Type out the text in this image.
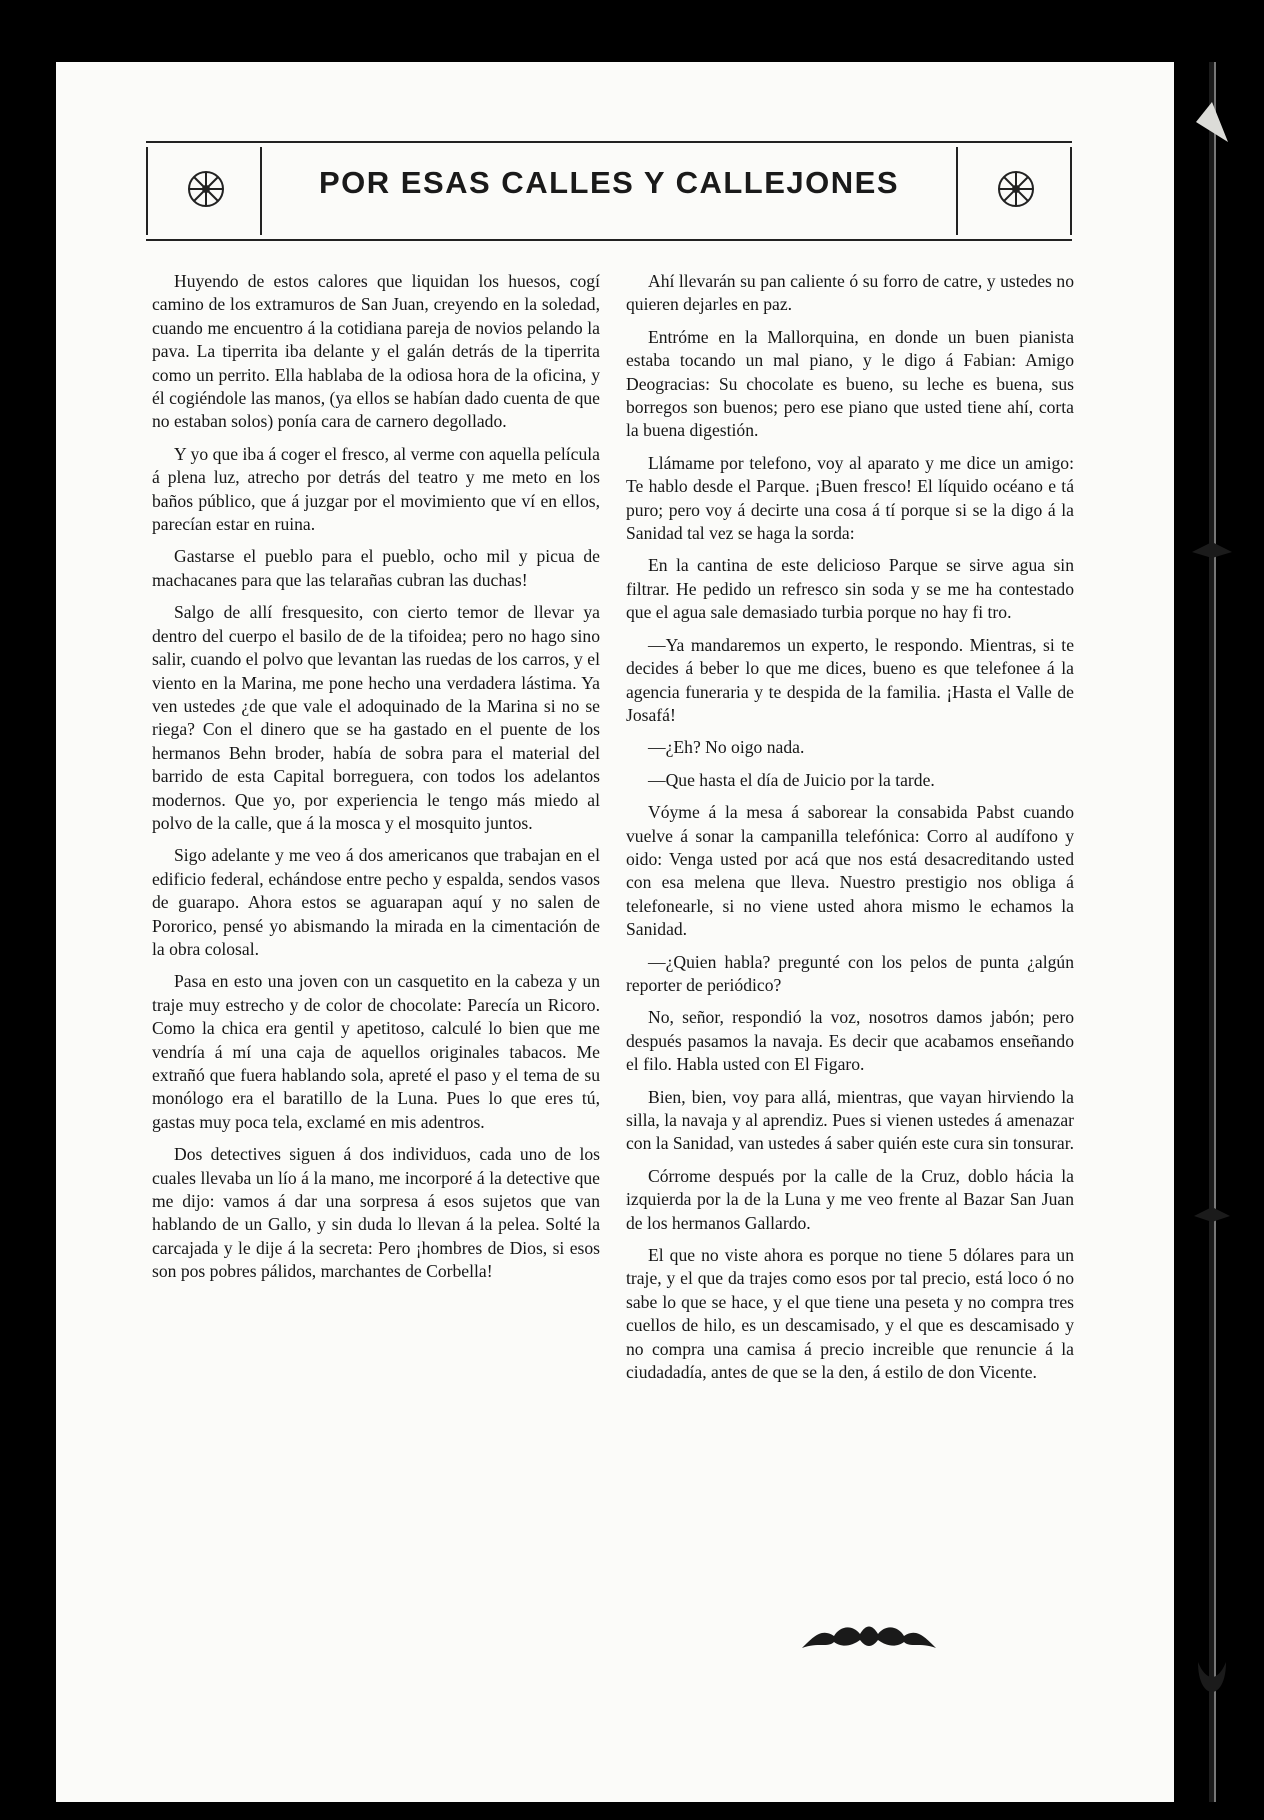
POR ESAS CALLES Y CALLEJONES

Huyendo de estos calores que liquidan los huesos, cogí camino de los extramuros de San Juan, creyendo en la soledad, cuando me encuentro á la cotidiana pareja de novios pelando la pava. La tiperrita iba delante y el galán detrás de la tiperrita como un perrito. Ella hablaba de la odiosa hora de la oficina, y él cogiéndole las manos, (ya ellos se habían dado cuenta de que no estaban solos) ponía cara de carnero degollado.

Y yo que iba á coger el fresco, al verme con aquella película á plena luz, atrecho por detrás del teatro y me meto en los baños público, que á juzgar por el movimiento que ví en ellos, parecían estar en ruina.

Gastarse el pueblo para el pueblo, ocho mil y picua de machacanes para que las telarañas cubran las duchas!

Salgo de allí fresquesito, con cierto temor de llevar ya dentro del cuerpo el basilo de de la tifoidea; pero no hago sino salir, cuando el polvo que levantan las ruedas de los carros, y el viento en la Marina, me pone hecho una verdadera lástima. Ya ven ustedes ¿de que vale el adoquinado de la Marina si no se riega? Con el dinero que se ha gastado en el puente de los hermanos Behn broder, había de sobra para el material del barrido de esta Capital borreguera, con todos los adelantos modernos. Que yo, por experiencia le tengo más miedo al polvo de la calle, que á la mosca y el mosquito juntos.

Sigo adelante y me veo á dos americanos que trabajan en el edificio federal, echándose entre pecho y espalda, sendos vasos de guarapo. Ahora estos se aguarapan aquí y no salen de Pororico, pensé yo abismando la mirada en la cimentación de la obra colosal.

Pasa en esto una joven con un casquetito en la cabeza y un traje muy estrecho y de color de chocolate: Parecía un Ricoro. Como la chica era gentil y apetitoso, calculé lo bien que me vendría á mí una caja de aquellos originales tabacos. Me extrañó que fuera hablando sola, apreté el paso y el tema de su monólogo era el baratillo de la Luna. Pues lo que eres tú, gastas muy poca tela, exclamé en mis adentros.

Dos detectives siguen á dos individuos, cada uno de los cuales llevaba un lío á la mano, me incorporé á la detective que me dijo: vamos á dar una sorpresa á esos sujetos que van hablando de un Gallo, y sin duda lo llevan á la pelea. Solté la carcajada y le dije á la secreta: Pero ¡hombres de Dios, si esos son pos pobres pálidos, marchantes de Corbella!

Ahí llevarán su pan caliente ó su forro de catre, y ustedes no quieren dejarles en paz.

Entróme en la Mallorquina, en donde un buen pianista estaba tocando un mal piano, y le digo á Fabian: Amigo Deogracias: Su chocolate es bueno, su leche es buena, sus borregos son buenos; pero ese piano que usted tiene ahí, corta la buena digestión.

Llámame por telefono, voy al aparato y me dice un amigo: Te hablo desde el Parque. ¡Buen fresco! El líquido océano e tá puro; pero voy á decirte una cosa á tí porque si se la digo á la Sanidad tal vez se haga la sorda:

En la cantina de este delicioso Parque se sirve agua sin filtrar. He pedido un refresco sin soda y se me ha contestado que el agua sale demasiado turbia porque no hay fi tro.

—Ya mandaremos un experto, le respondo. Mientras, si te decides á beber lo que me dices, bueno es que telefonee á la agencia funeraria y te despida de la familia. ¡Hasta el Valle de Josafá!

—¿Eh? No oigo nada.

—Que hasta el día de Juicio por la tarde.

Vóyme á la mesa á saborear la consabida Pabst cuando vuelve á sonar la campanilla telefónica: Corro al audífono y oido: Venga usted por acá que nos está desacreditando usted con esa melena que lleva. Nuestro prestigio nos obliga á telefonearle, si no viene usted ahora mismo le echamos la Sanidad.

—¿Quien habla? pregunté con los pelos de punta ¿algún reporter de periódico?

No, señor, respondió la voz, nosotros damos jabón; pero después pasamos la navaja. Es decir que acabamos enseñando el filo. Habla usted con El Figaro.

Bien, bien, voy para allá, mientras, que vayan hirviendo la silla, la navaja y al aprendiz. Pues si vienen ustedes á amenazar con la Sanidad, van ustedes á saber quién este cura sin tonsurar.

Córrome después por la calle de la Cruz, doblo hácia la izquierda por la de la Luna y me veo frente al Bazar San Juan de los hermanos Gallardo.

El que no viste ahora es porque no tiene 5 dólares para un traje, y el que da trajes como esos por tal precio, está loco ó no sabe lo que se hace, y el que tiene una peseta y no compra tres cuellos de hilo, es un descamisado, y el que es descamisado y no compra una camisa á precio increible que renuncie á la ciudadadía, antes de que se la den, á estilo de don Vicente.
